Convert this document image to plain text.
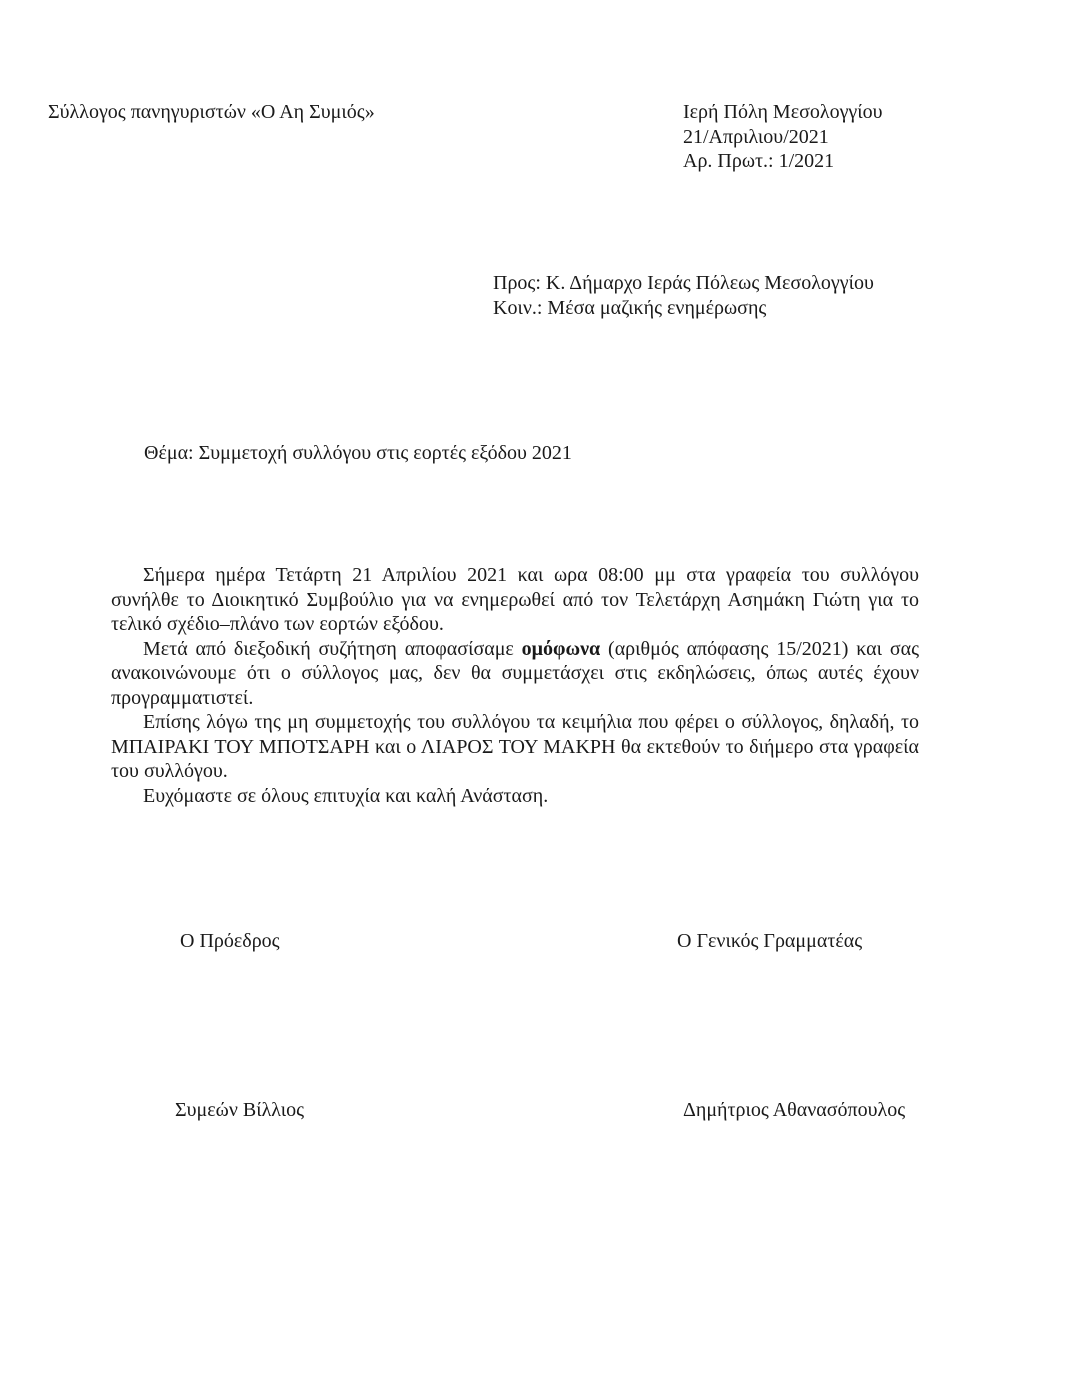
Σύλλογος πανηγυριστών «Ο Αη Συμιός»	Ιερή Πόλη Μεσολογγίου
21/Απριλιου/2021
Αρ. Πρωτ.: 1/2021
Προς: Κ. Δήμαρχο Ιεράς Πόλεως Μεσολογγίου
Κοιν.: Μέσα μαζικής ενημέρωσης
Θέμα: Συμμετοχή συλλόγου στις εορτές εξόδου 2021

Σήμερα ημέρα Τετάρτη 21 Απριλίου 2021 και ωρα 08:00 μμ στα γραφεία του συλλόγου συνήλθε το Διοικητικό Συμβούλιο για να ενημερωθεί από τον Τελετάρχη Ασημάκη Γιώτη για το τελικό σχέδιο–πλάνο των εορτών εξόδου.

Μετά από διεξοδική συζήτηση αποφασίσαμε ομόφωνα (αριθμός απόφασης 15/2021) και σας ανακοινώνουμε ότι ο σύλλογος μας, δεν θα συμμετάσχει στις εκδηλώσεις, όπως αυτές έχουν προγραμματιστεί.

Επίσης λόγω της μη συμμετοχής του συλλόγου τα κειμήλια που φέρει ο σύλλογος, δηλαδή, το ΜΠΑΙΡΑΚΙ ΤΟΥ ΜΠΟΤΣΑΡΗ και ο ΛΙΑΡΟΣ ΤΟΥ ΜΑΚΡΗ θα εκτεθούν το διήμερο στα γραφεία του συλλόγου.

Ευχόμαστε σε όλους επιτυχία και καλή Ανάσταση.

Ο Πρόεδρος	Ο Γενικός Γραμματέας
Συμεών Βίλλιος	Δημήτριος Αθανασόπουλος
